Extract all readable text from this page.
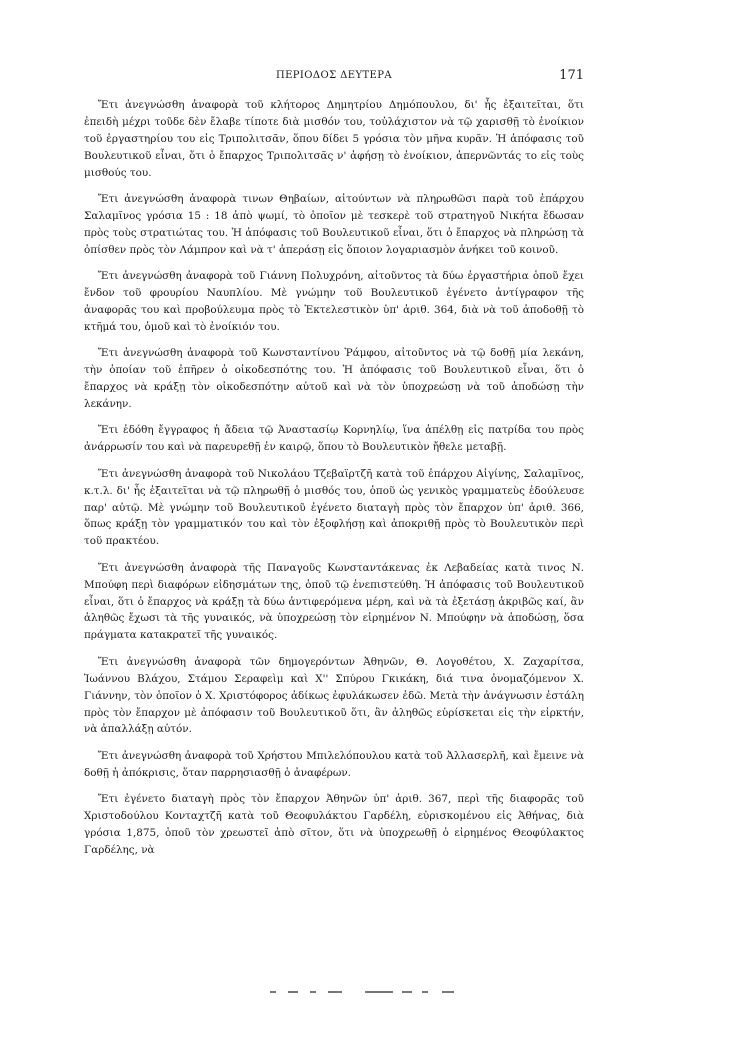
ΠΕΡΙΟΔΟΣ ΔΕΥΤΕΡΑ	171

Ἔτι ἀνεγνώσθη ἀναφορὰ τοῦ κλήτορος Δημητρίου Δημόπουλου, δι' ἧς ἐξαιτεῖται, ὅτι ἐπειδὴ μέχρι τοῦδε δὲν ἔλαβε τίποτε διὰ μισθόν του, τοὐλάχιστον νὰ τῷ χαρισθῇ τὸ ἐνοίκιον τοῦ ἐργαστηρίου του εἰς Τριπολιτσᾶν, ὅπου δίδει 5 γρόσια τὸν μῆνα κυρᾶν. Ἡ ἀπόφασις τοῦ Βουλευτικοῦ εἶναι, ὅτι ὁ ἔπαρχος Τριπολιτσᾶς ν' ἀφήσῃ τὸ ἐνοίκιον, ἀπερνῶντάς το εἰς τοὺς μισθούς του.

Ἔτι ἀνεγνώσθη ἀναφορὰ τινων Θηβαίων, αἰτούντων νὰ πληρωθῶσι παρὰ τοῦ ἐπάρχου Σαλαμῖνος γρόσια 15 : 18 ἀπὸ ψωμί, τὸ ὁποῖον μὲ τεσκερὲ τοῦ στρατηγοῦ Νικήτα ἔδωσαν πρὸς τοὺς στρατιώτας του. Ἡ ἀπόφασις τοῦ Βουλευτικοῦ εἶναι, ὅτι ὁ ἔπαρχος νὰ πληρώσῃ τὰ ὀπίσθεν πρὸς τὸν Λάμπρον καὶ νὰ τ' ἀπεράσῃ εἰς ὅποιον λογαριασμὸν ἀνήκει τοῦ κοινοῦ.

Ἔτι ἀνεγνώσθη ἀναφορὰ τοῦ Γιάννη Πολυχρόνη, αἰτοῦντος τὰ δύω ἐργαστήρια ὁποῦ ἔχει ἔνδον τοῦ φρουρίου Ναυπλίου. Μὲ γνώμην τοῦ Βουλευτικοῦ ἐγένετο ἀντίγραφον τῆς ἀναφορᾶς του καὶ προβούλευμα πρὸς τὸ Ἐκτελεστικὸν ὑπ' ἀριθ. 364, διὰ νὰ τοῦ ἀποδοθῇ τὸ κτῆμά του, ὁμοῦ καὶ τὸ ἐνοίκιόν του.

Ἔτι ἀνεγνώσθη ἀναφορὰ τοῦ Κωνσταντίνου Ῥάμφου, αἰτοῦντος νὰ τῷ δοθῇ μία λεκάνη, τὴν ὁποίαν τοῦ ἐπῆρεν ὁ οἰκοδεσπότης του. Ἡ ἀπόφασις τοῦ Βουλευτικοῦ εἶναι, ὅτι ὁ ἔπαρχος νὰ κράξῃ τὸν οἰκοδεσπότην αὐτοῦ καὶ νὰ τὸν ὑποχρεώσῃ νὰ τοῦ ἀποδώσῃ τὴν λεκάνην.

Ἔτι ἐδόθη ἔγγραφος ἡ ἄδεια τῷ Ἀναστασίῳ Κορνηλίῳ, ἵνα ἀπέλθῃ εἰς πατρίδα του πρὸς ἀνάρρωσίν του καὶ νὰ παρευρεθῇ ἐν καιρῷ, ὅπου τὸ Βουλευτικὸν ἤθελε μεταβῇ.

Ἔτι ἀνεγνώσθη ἀναφορὰ τοῦ Νικολάου Τζεβαϊρτζῆ κατὰ τοῦ ἐπάρχου Αἰγίνης, Σαλαμῖνος, κ.τ.λ. δι' ἧς ἐξαιτεῖται νὰ τῷ πληρωθῇ ὁ μισθός του, ὁποῦ ὡς γενικὸς γραμματεὺς ἐδούλευσε παρ' αὐτῷ. Μὲ γνώμην τοῦ Βουλευτικοῦ ἐγένετο διαταγὴ πρὸς τὸν ἔπαρχον ὑπ' ἀριθ. 366, ὅπως κράξῃ τὸν γραμματικόν του καὶ τὸν ἐξοφλήσῃ καὶ ἀποκριθῇ πρὸς τὸ Βουλευτικὸν περὶ τοῦ πρακτέου.

Ἔτι ἀνεγνώσθη ἀναφορὰ τῆς Παναγοῦς Κωνσταντάκενας ἐκ Λεβαδείας κατὰ τινος Ν. Μπούφη περὶ διαφόρων εἰδησμάτων της, ὁποῦ τῷ ἐνεπιστεύθη. Ἡ ἀπόφασις τοῦ Βουλευτικοῦ εἶναι, ὅτι ὁ ἔπαρχος νὰ κράξῃ τὰ δύω ἀντιφερόμενα μέρη, καὶ νὰ τὰ ἐξετάσῃ ἀκριβῶς καί, ἂν ἀληθῶς ἔχωσι τὰ τῆς γυναικός, νὰ ὑποχρεώσῃ τὸν εἰρημένον Ν. Μπούφην νὰ ἀποδώσῃ, ὅσα πράγματα κατακρατεῖ τῆς γυναικός.

Ἔτι ἀνεγνώσθη ἀναφορὰ τῶν δημογερόντων Ἀθηνῶν, Θ. Λογοθέτου, Χ. Ζαχαρίτσα, Ἰωάννου Βλάχου, Στάμου Σεραφεὶμ καὶ Χ'' Σπύρου Γκικάκη, διά τινα ὀνομαζόμενον Χ. Γιάννην, τὸν ὁποῖον ὁ Χ. Χριστόφορος ἀδίκως ἐφυλάκωσεν ἐδῶ. Μετὰ τὴν ἀνάγνωσιν ἐστάλη πρὸς τὸν ἔπαρχον μὲ ἀπόφασιν τοῦ Βουλευτικοῦ ὅτι, ἂν ἀληθῶς εὑρίσκεται εἰς τὴν εἱρκτήν, νὰ ἀπαλλάξῃ αὐτόν.

Ἔτι ἀνεγνώσθη ἀναφορὰ τοῦ Χρήστου Μπιλελόπουλου κατὰ τοῦ Ἀλλασερλῆ, καὶ ἔμεινε νὰ δοθῇ ἡ ἀπόκρισις, ὅταν παρρησιασθῇ ὁ ἀναφέρων.

Ἔτι ἐγένετο διαταγὴ πρὸς τὸν ἔπαρχον Ἀθηνῶν ὑπ' ἀριθ. 367, περὶ τῆς διαφορᾶς τοῦ Χριστοδούλου Κονταχτζῆ κατὰ τοῦ Θεοφυλάκτου Γαρδέλη, εὑρισκομένου εἰς Ἀθήνας, διὰ γρόσια 1,875, ὁποῦ τὸν χρεωστεῖ ἀπὸ σῖτον, ὅτι νὰ ὑποχρεωθῇ ὁ εἰρημένος Θεοφύλακτος Γαρδέλης, νὰ
